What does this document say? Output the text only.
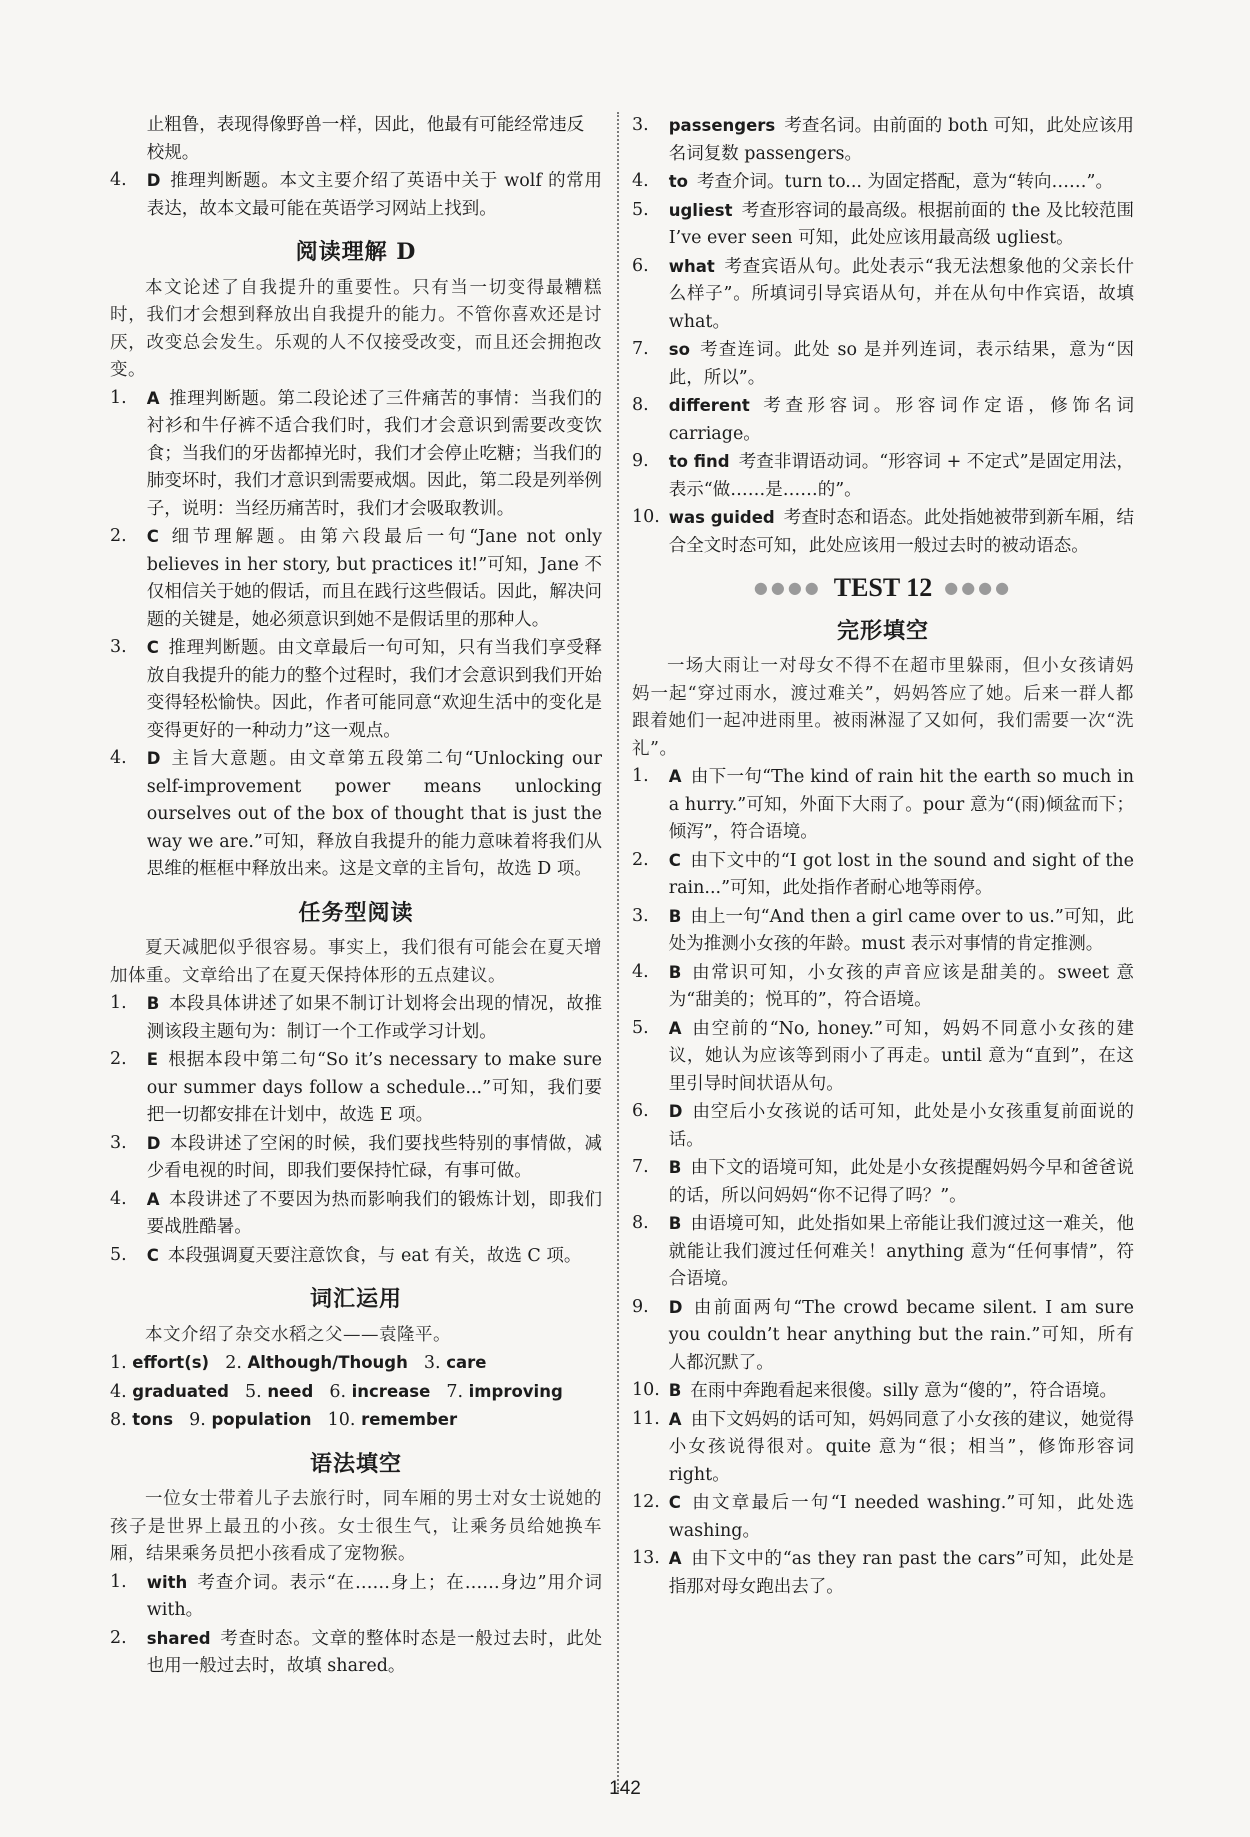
止粗鲁，表现得像野兽一样，因此，他最有可能经常违反
校规。
4. D 推理判断题。本文主要介绍了英语中关于 wolf 的常用表达，故本文最可能在英语学习网站上找到。
阅读理解 D
本文论述了自我提升的重要性。只有当一切变得最糟糕时，我们才会想到释放出自我提升的能力。不管你喜欢还是讨厌，改变总会发生。乐观的人不仅接受改变，而且还会拥抱改变。
1. A 推理判断题。第二段论述了三件痛苦的事情：当我们的衬衫和牛仔裤不适合我们时，我们才会意识到需要改变饮食；当我们的牙齿都掉光时，我们才会停止吃糖；当我们的肺变坏时，我们才意识到需要戒烟。因此，第二段是列举例子，说明：当经历痛苦时，我们才会吸取教训。
2. C 细节理解题。由第六段最后一句“Jane not only believes in her story, but practices it!”可知，Jane 不仅相信关于她的假话，而且在践行这些假话。因此，解决问题的关键是，她必须意识到她不是假话里的那种人。
3. C 推理判断题。由文章最后一句可知，只有当我们享受释放自我提升的能力的整个过程时，我们才会意识到我们开始变得轻松愉快。因此，作者可能同意“欢迎生活中的变化是变得更好的一种动力”这一观点。
4. D 主旨大意题。由文章第五段第二句“Unlocking our self-improvement power means unlocking ourselves out of the box of thought that is just the way we are.”可知，释放自我提升的能力意味着将我们从思维的框框中释放出来。这是文章的主旨句，故选 D 项。
任务型阅读
夏天减肥似乎很容易。事实上，我们很有可能会在夏天增加体重。文章给出了在夏天保持体形的五点建议。
1. B 本段具体讲述了如果不制订计划将会出现的情况，故推测该段主题句为：制订一个工作或学习计划。
2. E 根据本段中第二句“So it’s necessary to make sure our summer days follow a schedule...”可知，我们要把一切都安排在计划中，故选 E 项。
3. D 本段讲述了空闲的时候，我们要找些特别的事情做，减少看电视的时间，即我们要保持忙碌，有事可做。
4. A 本段讲述了不要因为热而影响我们的锻炼计划，即我们要战胜酷暑。
5. C 本段强调夏天要注意饮食，与 eat 有关，故选 C 项。
词汇运用
本文介绍了杂交水稻之父——袁隆平。
1. effort(s) 2. Although/Though 3. care
4. graduated 5. need 6. increase 7. improving
8. tons 9. population 10. remember
语法填空
一位女士带着儿子去旅行时，同车厢的男士对女士说她的孩子是世界上最丑的小孩。女士很生气，让乘务员给她换车厢，结果乘务员把小孩看成了宠物猴。
1. with 考查介词。表示“在……身上；在……身边”用介词 with。
2. shared 考查时态。文章的整体时态是一般过去时，此处也用一般过去时，故填 shared。
3. passengers 考查名词。由前面的 both 可知，此处应该用名词复数 passengers。
4. to 考查介词。turn to... 为固定搭配，意为“转向……”。
5. ugliest 考查形容词的最高级。根据前面的 the 及比较范围 I’ve ever seen 可知，此处应该用最高级 ugliest。
6. what 考查宾语从句。此处表示“我无法想象他的父亲长什么样子”。所填词引导宾语从句，并在从句中作宾语，故填 what。
7. so 考查连词。此处 so 是并列连词，表示结果，意为“因此，所以”。
8. different 考查形容词。形容词作定语，修饰名词 carriage。
9. to find 考查非谓语动词。“形容词 + 不定式”是固定用法，表示“做……是……的”。
10. was guided 考查时态和语态。此处指她被带到新车厢，结合全文时态可知，此处应该用一般过去时的被动语态。
●●●● TEST 12 ●●●●
完形填空
一场大雨让一对母女不得不在超市里躲雨，但小女孩请妈妈一起“穿过雨水，渡过难关”，妈妈答应了她。后来一群人都跟着她们一起冲进雨里。被雨淋湿了又如何，我们需要一次“洗礼”。
1. A 由下一句“The kind of rain hit the earth so much in a hurry.”可知，外面下大雨了。pour 意为“(雨)倾盆而下；倾泻”，符合语境。
2. C 由下文中的“I got lost in the sound and sight of the rain...”可知，此处指作者耐心地等雨停。
3. B 由上一句“And then a girl came over to us.”可知，此处为推测小女孩的年龄。must 表示对事情的肯定推测。
4. B 由常识可知，小女孩的声音应该是甜美的。sweet 意为“甜美的；悦耳的”，符合语境。
5. A 由空前的“No, honey.”可知，妈妈不同意小女孩的建议，她认为应该等到雨小了再走。until 意为“直到”，在这里引导时间状语从句。
6. D 由空后小女孩说的话可知，此处是小女孩重复前面说的话。
7. B 由下文的语境可知，此处是小女孩提醒妈妈今早和爸爸说的话，所以问妈妈“你不记得了吗？”。
8. B 由语境可知，此处指如果上帝能让我们渡过这一难关，他就能让我们渡过任何难关！anything 意为“任何事情”，符合语境。
9. D 由前面两句“The crowd became silent. I am sure you couldn’t hear anything but the rain.”可知，所有人都沉默了。
10. B 在雨中奔跑看起来很傻。silly 意为“傻的”，符合语境。
11. A 由下文妈妈的话可知，妈妈同意了小女孩的建议，她觉得小女孩说得很对。quite 意为“很；相当”，修饰形容词 right。
12. C 由文章最后一句“I needed washing.”可知，此处选 washing。
13. A 由下文中的“as they ran past the cars”可知，此处是指那对母女跑出去了。
142
